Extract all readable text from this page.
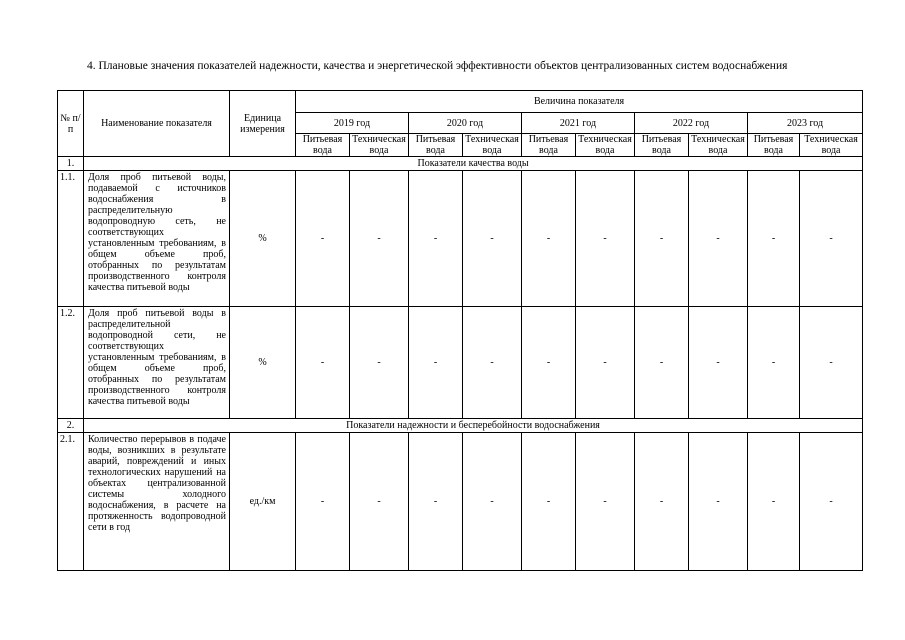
4. Плановые значения показателей надежности, качества и энергетической эффективности объектов централизованных систем водоснабжения
№ п/п	Наименование показателя	Единица измерения	Величина показателя									
			2019 год		2020 год		2021 год		2022 год		2023 год	
			Питьевая вода	Техническая вода	Питьевая вода	Техническая вода	Питьевая вода	Техническая вода	Питьевая вода	Техническая вода	Питьевая вода	Техническая вода
1.	Показатели качества воды											
1.1.	Доля проб питьевой воды, подаваемой с источников водоснабжения в распределительную водопроводную сеть, не соответствующих установленным требованиям, в общем объеме проб, отобранных по результатам производственного контроля качества питьевой воды	%	-	-	-	-	-	-	-	-	-	-
1.2.	Доля проб питьевой воды в распределительной водопроводной сети, не соответствующих установленным требованиям, в общем объеме проб, отобранных по результатам производственного контроля качества питьевой воды	%	-	-	-	-	-	-	-	-	-	-
2.	Показатели надежности и бесперебойности водоснабжения											
2.1.	Количество перерывов в подаче воды, возникших в результате аварий, повреждений и иных технологических нарушений на объектах централизованной системы холодного водоснабжения, в расчете на протяженность водопроводной сети в год	ед./км	-	-	-	-	-	-	-	-	-	-
